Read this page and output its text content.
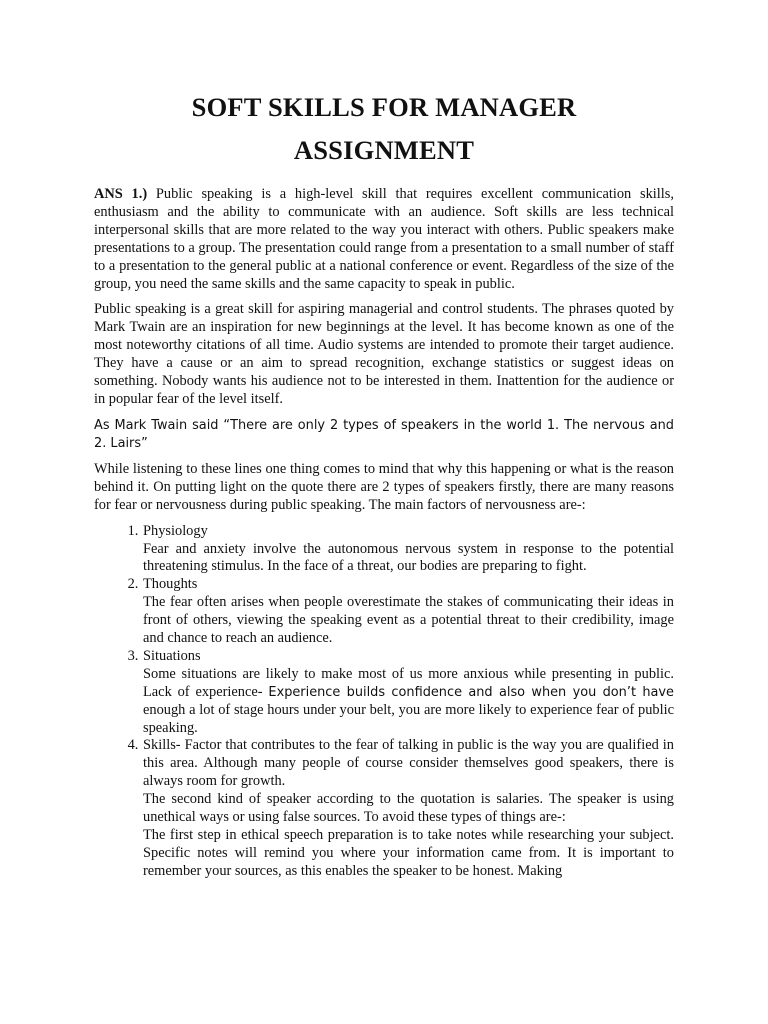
SOFT SKILLS FOR MANAGER
ASSIGNMENT

ANS 1.) Public speaking is a high-level skill that requires excellent communication skills, enthusiasm and the ability to communicate with an audience. Soft skills are less technical interpersonal skills that are more related to the way you interact with others. Public speakers make presentations to a group. The presentation could range from a presentation to a small number of staff to a presentation to the general public at a national conference or event. Regardless of the size of the group, you need the same skills and the same capacity to speak in public.

Public speaking is a great skill for aspiring managerial and control students. The phrases quoted by Mark Twain are an inspiration for new beginnings at the level. It has become known as one of the most noteworthy citations of all time. Audio systems are intended to promote their target audience. They have a cause or an aim to spread recognition, exchange statistics or suggest ideas on something. Nobody wants his audience not to be interested in them. Inattention for the audience or in popular fear of the level itself.

As Mark Twain said “There are only 2 types of speakers in the world 1. The nervous and 2. Lairs”

While listening to these lines one thing comes to mind that why this happening or what is the reason behind it. On putting light on the quote there are 2 types of speakers firstly, there are many reasons for fear or nervousness during public speaking. The main factors of nervousness are-:

1. Physiology
Fear and anxiety involve the autonomous nervous system in response to the potential threatening stimulus. In the face of a threat, our bodies are preparing to fight.
2. Thoughts
The fear often arises when people overestimate the stakes of communicating their ideas in front of others, viewing the speaking event as a potential threat to their credibility, image and chance to reach an audience.
3. Situations
Some situations are likely to make most of us more anxious while presenting in public. Lack of experience- Experience builds confidence and also when you don’t have enough a lot of stage hours under your belt, you are more likely to experience fear of public speaking.
4. Skills- Factor that contributes to the fear of talking in public is the way you are qualified in this area. Although many people of course consider themselves good speakers, there is always room for growth.
The second kind of speaker according to the quotation is salaries. The speaker is using unethical ways or using false sources. To avoid these types of things are-:
The first step in ethical speech preparation is to take notes while researching your subject. Specific notes will remind you where your information came from. It is important to remember your sources, as this enables the speaker to be honest. Making
